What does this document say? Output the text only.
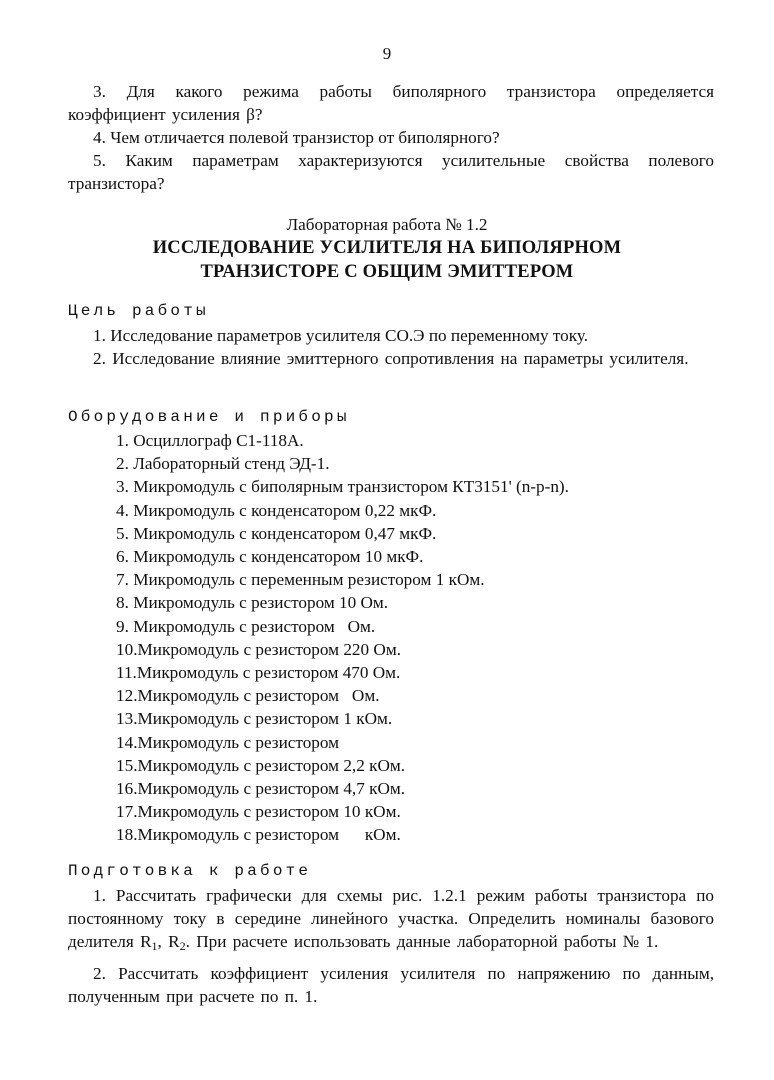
9

3. Для какого режима работы биполярного транзистора определяется коэффициент усиления β?

4. Чем отличается полевой транзистор от биполярного?

5. Каким параметрам характеризуются усилительные свойства полевого транзистора?

Лабораторная работа № 1.2
ИССЛЕДОВАНИЕ УСИЛИТЕЛЯ НА БИПОЛЯРНОМ
ТРАНЗИСТОРЕ С ОБЩИМ ЭМИТТЕРОМ
Цель работы

1. Исследование параметров усилителя СО.Э по переменному току.

2. Исследование влияние эмиттерного сопротивления на параметры усилителя.

Оборудование и приборы
1. Осциллограф С1-118А.
2. Лабораторный стенд ЭД-1.
3. Микромодуль с биполярным транзистором КТ3151' (n-p-n).
4. Микромодуль с конденсатором 0,22 мкФ.
5. Микромодуль с конденсатором 0,47 мкФ.
6. Микромодуль с конденсатором 10 мкФ.
7. Микромодуль с переменным резистором 1 кОм.
8. Микромодуль с резистором 10 Ом.
9. Микромодуль с резистором   Ом.
10.Микромодуль с резистором 220 Ом.
11.Микромодуль с резистором 470 Ом.
12.Микромодуль с резистором   Ом.
13.Микромодуль с резистором 1 кОм.
14.Микромодуль с резистором
15.Микромодуль с резистором 2,2 кОм.
16.Микромодуль с резистором 4,7 кОм.
17.Микромодуль с резистором 10 кОм.
18.Микромодуль с резистором      кОм.
Подготовка к работе

1. Рассчитать графически для схемы рис. 1.2.1 режим работы транзистора по постоянному току в середине линейного участка. Определить номиналы базового делителя $R_1$, $R_2$. При расчете использовать данные лабораторной работы № 1.

2. Рассчитать коэффициент усиления усилителя по напряжению по данным, полученным при расчете по п. 1.
